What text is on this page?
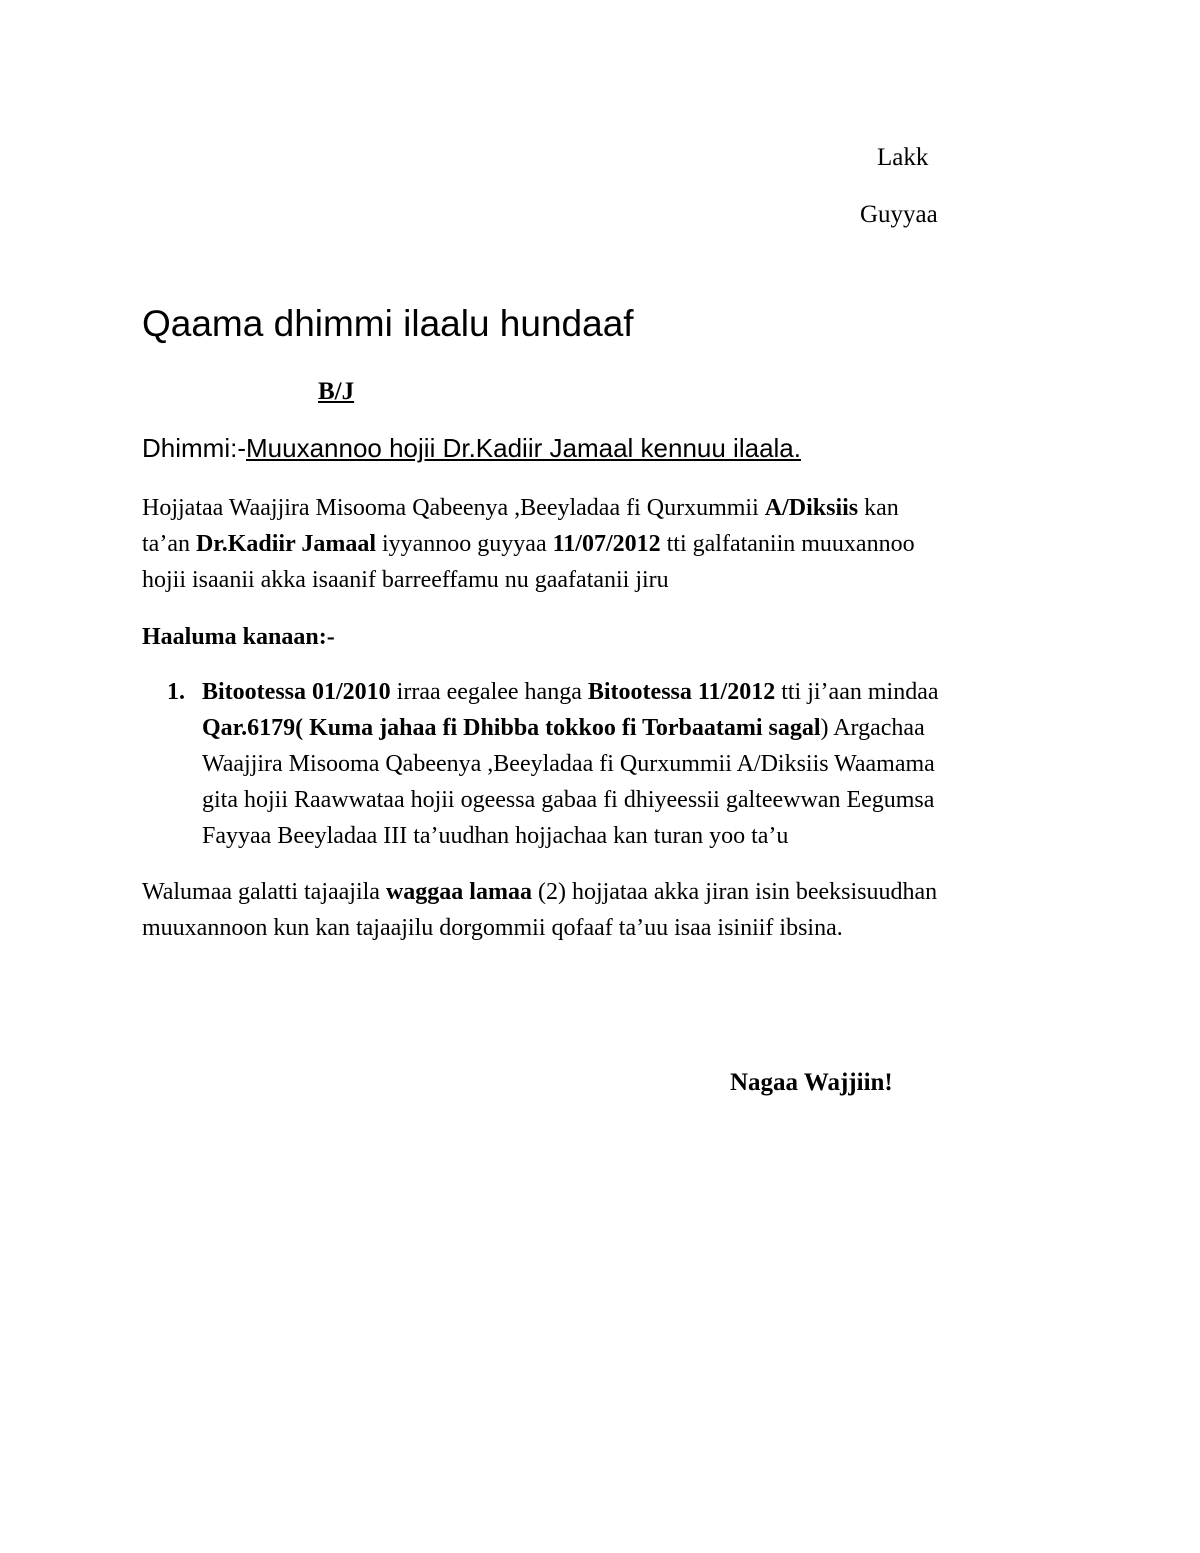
Lakk
Guyyaa
Qaama dhimmi ilaalu hundaaf
B/J
Dhimmi:-Muuxannoo hojii Dr.Kadiir Jamaal kennuu ilaala.
Hojjataa Waajjira Misooma Qabeenya ,Beeyladaa fi Qurxummii A/Diksiis kan
ta’an Dr.Kadiir Jamaal iyyannoo guyyaa 11/07/2012 tti galfataniin muuxannoo
hojii isaanii akka isaanif barreeffamu nu gaafatanii jiru
Haaluma kanaan:-
1. Bitootessa 01/2010 irraa eegalee hanga Bitootessa 11/2012 tti ji’aan mindaa
Qar.6179( Kuma jahaa fi Dhibba tokkoo fi Torbaatami sagal) Argachaa
Waajjira Misooma Qabeenya ,Beeyladaa fi Qurxummii A/Diksiis Waamama
gita hojii Raawwataa hojii ogeessa gabaa fi dhiyeessii galteewwan Eegumsa
Fayyaa Beeyladaa III ta’uudhan hojjachaa kan turan yoo ta’u
Walumaa galatti tajaajila waggaa lamaa (2) hojjataa akka jiran isin beeksisuudhan
muuxannoon kun kan tajaajilu dorgommii qofaaf ta’uu isaa isiniif ibsina.
Nagaa Wajjiin!
